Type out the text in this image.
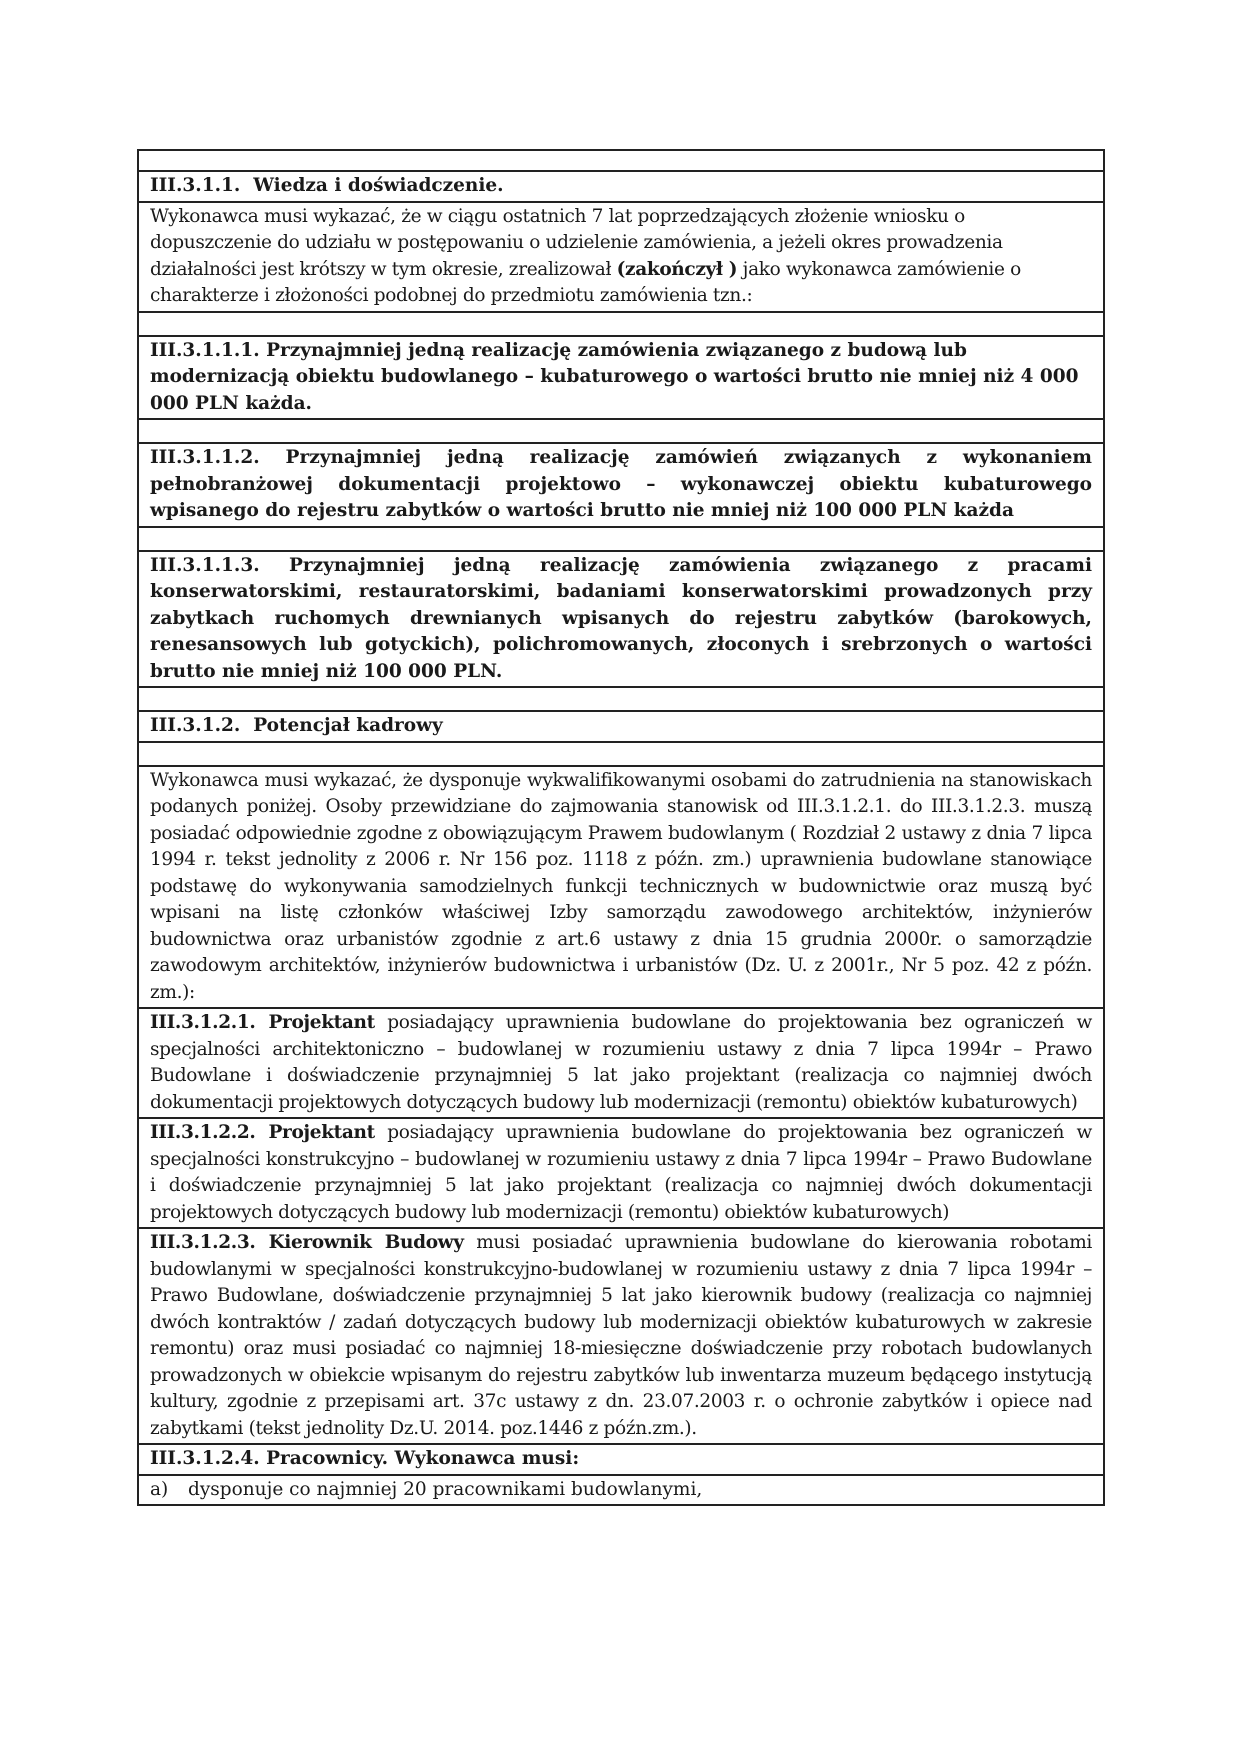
III.3.1.1. Wiedza i doświadczenie.
Wykonawca musi wykazać, że w ciągu ostatnich 7 lat poprzedzających złożenie wniosku o dopuszczenie do udziału w postępowaniu o udzielenie zamówienia, a jeżeli okres prowadzenia działalności jest krótszy w tym okresie, zrealizował (zakończył ) jako wykonawca zamówienie o charakterze i złożoności podobnej do przedmiotu zamówienia tzn.:

III.3.1.1.1. Przynajmniej jedną realizację zamówienia związanego z budową lub modernizacją obiektu budowlanego – kubaturowego o wartości brutto nie mniej niż 4 000 000 PLN każda.

III.3.1.1.2. Przynajmniej jedną realizację zamówień związanych z wykonaniem pełnobranżowej dokumentacji projektowo – wykonawczej obiektu kubaturowego wpisanego do rejestru zabytków o wartości brutto nie mniej niż 100 000 PLN każda

III.3.1.1.3. Przynajmniej jedną realizację zamówienia związanego z pracami konserwatorskimi, restauratorskimi, badaniami konserwatorskimi prowadzonych przy zabytkach ruchomych drewnianych wpisanych do rejestru zabytków (barokowych, renesansowych lub gotyckich), polichromowanych, złoconych i srebrzonych o wartości brutto nie mniej niż 100 000 PLN.

III.3.1.2. Potencjał kadrowy

Wykonawca musi wykazać, że dysponuje wykwalifikowanymi osobami do zatrudnienia na stanowiskach podanych poniżej. Osoby przewidziane do zajmowania stanowisk od III.3.1.2.1. do III.3.1.2.3. muszą posiadać odpowiednie zgodne z obowiązującym Prawem budowlanym ( Rozdział 2 ustawy z dnia 7 lipca 1994 r. tekst jednolity z 2006 r. Nr 156 poz. 1118 z późn. zm.) uprawnienia budowlane stanowiące podstawę do wykonywania samodzielnych funkcji technicznych w budownictwie oraz muszą być wpisani na listę członków właściwej Izby samorządu zawodowego architektów, inżynierów budownictwa oraz urbanistów zgodnie z art.6 ustawy z dnia 15 grudnia 2000r. o samorządzie zawodowym architektów, inżynierów budownictwa i urbanistów (Dz. U. z 2001r., Nr 5 poz. 42 z późn. zm.):
III.3.1.2.1. Projektant posiadający uprawnienia budowlane do projektowania bez ograniczeń w specjalności architektoniczno – budowlanej w rozumieniu ustawy z dnia 7 lipca 1994r – Prawo Budowlane i doświadczenie przynajmniej 5 lat jako projektant (realizacja co najmniej dwóch dokumentacji projektowych dotyczących budowy lub modernizacji (remontu) obiektów kubaturowych)
III.3.1.2.2. Projektant posiadający uprawnienia budowlane do projektowania bez ograniczeń w specjalności konstrukcyjno – budowlanej w rozumieniu ustawy z dnia 7 lipca 1994r – Prawo Budowlane i doświadczenie przynajmniej 5 lat jako projektant (realizacja co najmniej dwóch dokumentacji projektowych dotyczących budowy lub modernizacji (remontu) obiektów kubaturowych)
III.3.1.2.3. Kierownik Budowy musi posiadać uprawnienia budowlane do kierowania robotami budowlanymi w specjalności konstrukcyjno-budowlanej w rozumieniu ustawy z dnia 7 lipca 1994r – Prawo Budowlane, doświadczenie przynajmniej 5 lat jako kierownik budowy (realizacja co najmniej dwóch kontraktów / zadań dotyczących budowy lub modernizacji obiektów kubaturowych w zakresie remontu) oraz musi posiadać co najmniej 18-miesięczne doświadczenie przy robotach budowlanych prowadzonych w obiekcie wpisanym do rejestru zabytków lub inwentarza muzeum będącego instytucją kultury, zgodnie z przepisami art. 37c ustawy z dn. 23.07.2003 r. o ochronie zabytków i opiece nad zabytkami (tekst jednolity Dz.U. 2014. poz.1446 z późn.zm.).
III.3.1.2.4. Pracownicy. Wykonawca musi:
a) dysponuje co najmniej 20 pracownikami budowlanymi,
